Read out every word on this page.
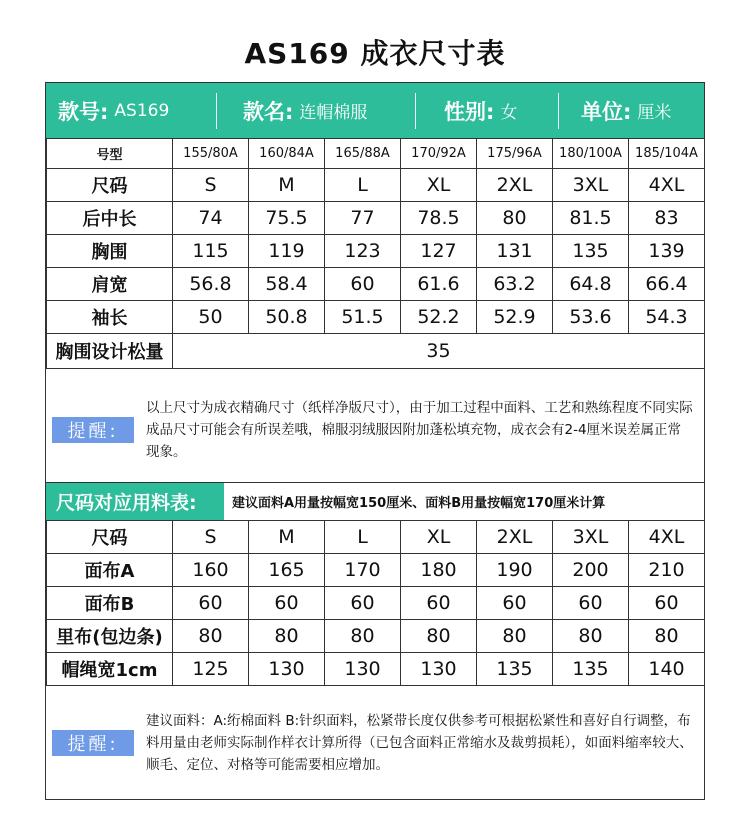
AS169 成衣尺寸表
款号: AS169	款名: 连帽棉服	性别: 女	单位: 厘米
号型	155/80A	160/84A	165/88A	170/92A	175/96A	180/100A	185/104A
尺码	S	M	L	XL	2XL	3XL	4XL
后中长	74	75.5	77	78.5	80	81.5	83
胸围	115	119	123	127	131	135	139
肩宽	56.8	58.4	60	61.6	63.2	64.8	66.4
袖长	50	50.8	51.5	52.2	52.9	53.6	54.3
胸围设计松量	35						
提醒:
以上尺寸为成衣精确尺寸（纸样净版尺寸），由于加工过程中面料、工艺和熟练程度不同实际成品尺寸可能会有所误差哦，棉服羽绒服因附加蓬松填充物，成衣会有2-4厘米误差属正常现象。
尺码对应用料表:	建议面料A用量按幅宽150厘米、面料B用量按幅宽170厘米计算
尺码	S	M	L	XL	2XL	3XL	4XL
面布A	160	165	170	180	190	200	210
面布B	60	60	60	60	60	60	60
里布(包边条)	80	80	80	80	80	80	80
帽绳宽1cm	125	130	130	130	135	135	140
提醒:
建议面料：A:绗棉面料 B:针织面料，松紧带长度仅供参考可根据松紧性和喜好自行调整，布料用量由老师实际制作样衣计算所得（已包含面料正常缩水及裁剪损耗），如面料缩率较大、顺毛、定位、对格等可能需要相应增加。
